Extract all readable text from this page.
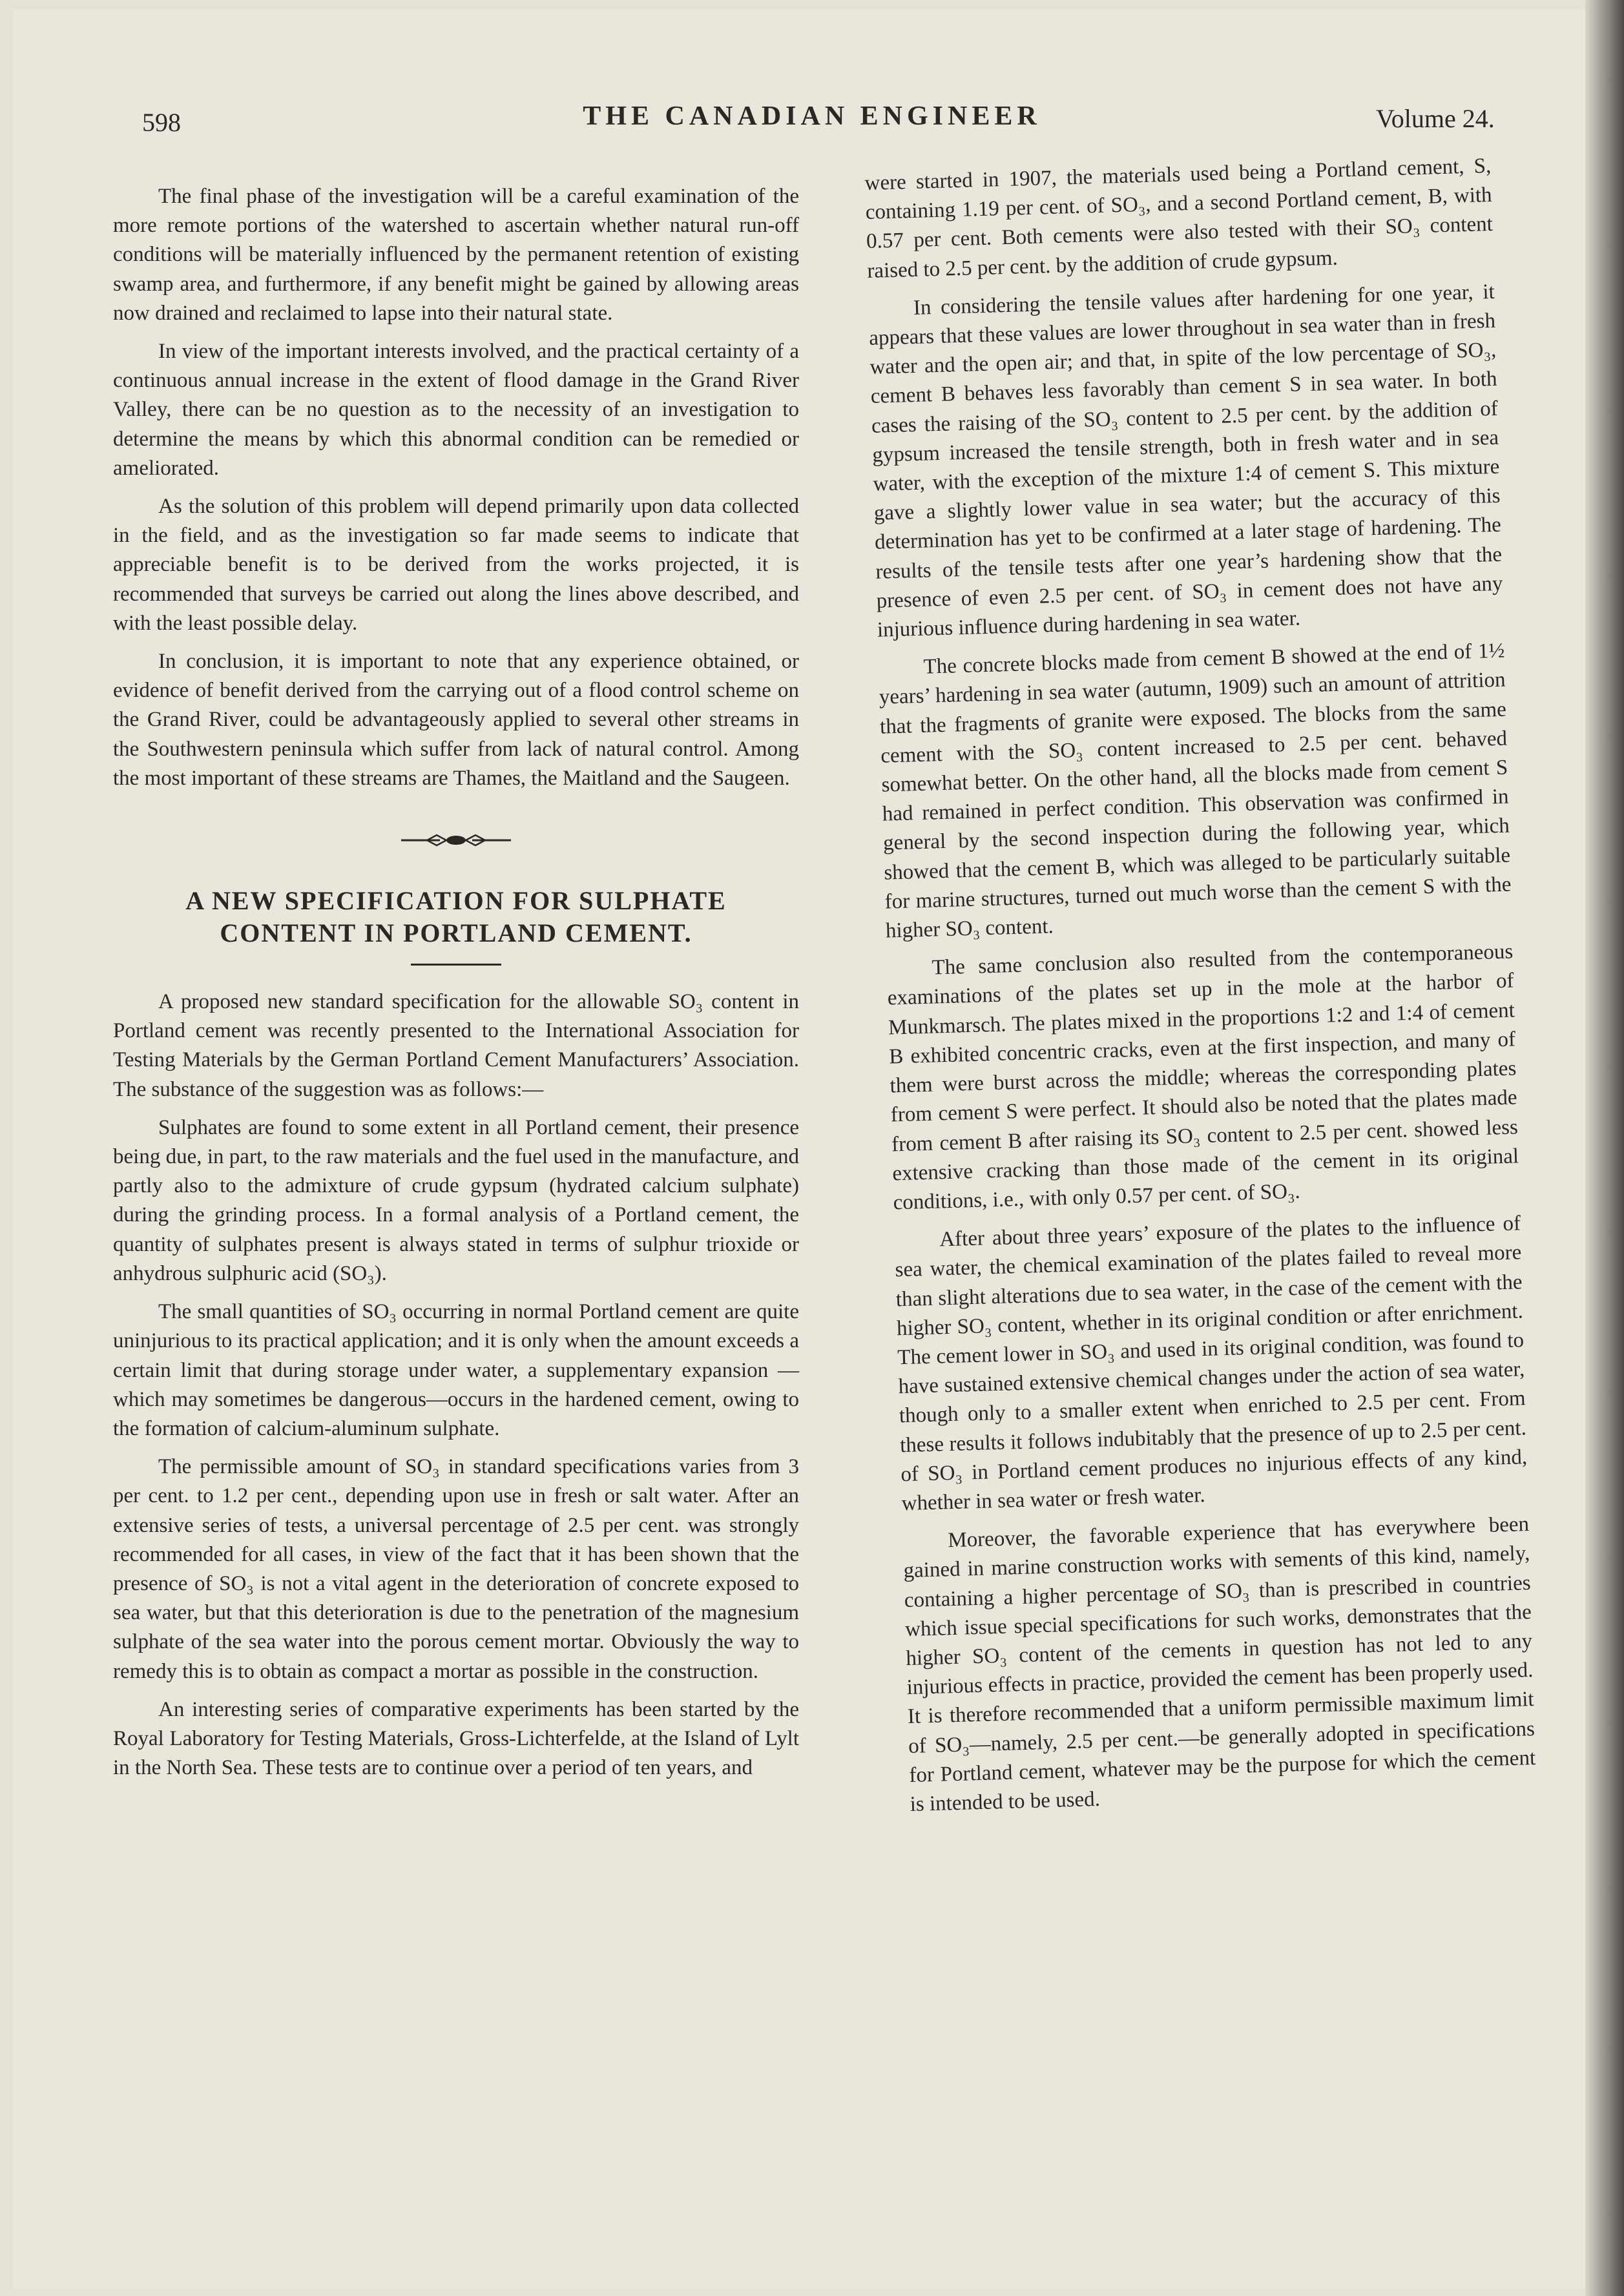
598	THE CANADIAN ENGINEER	Volume 24.

The final phase of the investigation will be a careful examination of the more remote portions of the watershed to ascertain whether natural run-off conditions will be materially influenced by the permanent retention of existing swamp area, and furthermore, if any benefit might be gained by allowing areas now drained and reclaimed to lapse into their natural state.

In view of the important interests involved, and the practical certainty of a continuous annual increase in the extent of flood damage in the Grand River Valley, there can be no question as to the necessity of an investigation to determine the means by which this abnormal condition can be remedied or ameliorated.

As the solution of this problem will depend primarily upon data collected in the field, and as the investigation so far made seems to indicate that appreciable benefit is to be derived from the works projected, it is recommended that surveys be carried out along the lines above described, and with the least possible delay.

In conclusion, it is important to note that any experience obtained, or evidence of benefit derived from the carrying out of a flood control scheme on the Grand River, could be advantageously applied to several other streams in the Southwestern peninsula which suffer from lack of natural control. Among the most important of these streams are Thames, the Maitland and the Saugeen.

A NEW SPECIFICATION FOR SULPHATE
CONTENT IN PORTLAND CEMENT.

A proposed new standard specification for the allowable SO₃ content in Portland cement was recently presented to the International Association for Testing Materials by the German Portland Cement Manufacturers’ Association. The substance of the suggestion was as follows:—

Sulphates are found to some extent in all Portland cement, their presence being due, in part, to the raw materials and the fuel used in the manufacture, and partly also to the admixture of crude gypsum (hydrated calcium sulphate) during the grinding process. In a formal analysis of a Portland cement, the quantity of sulphates present is always stated in terms of sulphur trioxide or anhydrous sulphuric acid (SO₃).

The small quantities of SO₃ occurring in normal Portland cement are quite uninjurious to its practical application; and it is only when the amount exceeds a certain limit that during storage under water, a supplementary expansion —which may sometimes be dangerous—occurs in the hardened cement, owing to the formation of calcium-aluminum sulphate.

The permissible amount of SO₃ in standard specifications varies from 3 per cent. to 1.2 per cent., depending upon use in fresh or salt water. After an extensive series of tests, a universal percentage of 2.5 per cent. was strongly recommended for all cases, in view of the fact that it has been shown that the presence of SO₃ is not a vital agent in the deterioration of concrete exposed to sea water, but that this deterioration is due to the penetration of the magnesium sulphate of the sea water into the porous cement mortar. Obviously the way to remedy this is to obtain as compact a mortar as possible in the construction.

An interesting series of comparative experiments has been started by the Royal Laboratory for Testing Materials, Gross-Lichterfelde, at the Island of Lylt in the North Sea. These tests are to continue over a period of ten years, and

were started in 1907, the materials used being a Portland cement, S, containing 1.19 per cent. of SO₃, and a second Portland cement, B, with 0.57 per cent. Both cements were also tested with their SO₃ content raised to 2.5 per cent. by the addition of crude gypsum.

In considering the tensile values after hardening for one year, it appears that these values are lower throughout in sea water than in fresh water and the open air; and that, in spite of the low percentage of SO₃, cement B behaves less favorably than cement S in sea water. In both cases the raising of the SO₃ content to 2.5 per cent. by the addition of gypsum increased the tensile strength, both in fresh water and in sea water, with the exception of the mixture 1:4 of cement S. This mixture gave a slightly lower value in sea water; but the accuracy of this determination has yet to be confirmed at a later stage of hardening. The results of the tensile tests after one year’s hardening show that the presence of even 2.5 per cent. of SO₃ in cement does not have any injurious influence during hardening in sea water.

The concrete blocks made from cement B showed at the end of 1½ years’ hardening in sea water (autumn, 1909) such an amount of attrition that the fragments of granite were exposed. The blocks from the same cement with the SO₃ content increased to 2.5 per cent. behaved somewhat better. On the other hand, all the blocks made from cement S had remained in perfect condition. This observation was confirmed in general by the second inspection during the following year, which showed that the cement B, which was alleged to be particularly suitable for marine structures, turned out much worse than the cement S with the higher SO₃ content.

The same conclusion also resulted from the contemporaneous examinations of the plates set up in the mole at the harbor of Munkmarsch. The plates mixed in the proportions 1:2 and 1:4 of cement B exhibited concentric cracks, even at the first inspection, and many of them were burst across the middle; whereas the corresponding plates from cement S were perfect. It should also be noted that the plates made from cement B after raising its SO₃ content to 2.5 per cent. showed less extensive cracking than those made of the cement in its original conditions, i.e., with only 0.57 per cent. of SO₃.

After about three years’ exposure of the plates to the influence of sea water, the chemical examination of the plates failed to reveal more than slight alterations due to sea water, in the case of the cement with the higher SO₃ content, whether in its original condition or after enrichment. The cement lower in SO₃ and used in its original condition, was found to have sustained extensive chemical changes under the action of sea water, though only to a smaller extent when enriched to 2.5 per cent. From these results it follows indubitably that the presence of up to 2.5 per cent. of SO₃ in Portland cement produces no injurious effects of any kind, whether in sea water or fresh water.

Moreover, the favorable experience that has everywhere been gained in marine construction works with sements of this kind, namely, containing a higher percentage of SO₃ than is prescribed in countries which issue special specifications for such works, demonstrates that the higher SO₃ content of the cements in question has not led to any injurious effects in practice, provided the cement has been properly used. It is therefore recommended that a uniform permissible maximum limit of SO₃—namely, 2.5 per cent.—be generally adopted in specifications for Portland cement, whatever may be the purpose for which the cement is intended to be used.
